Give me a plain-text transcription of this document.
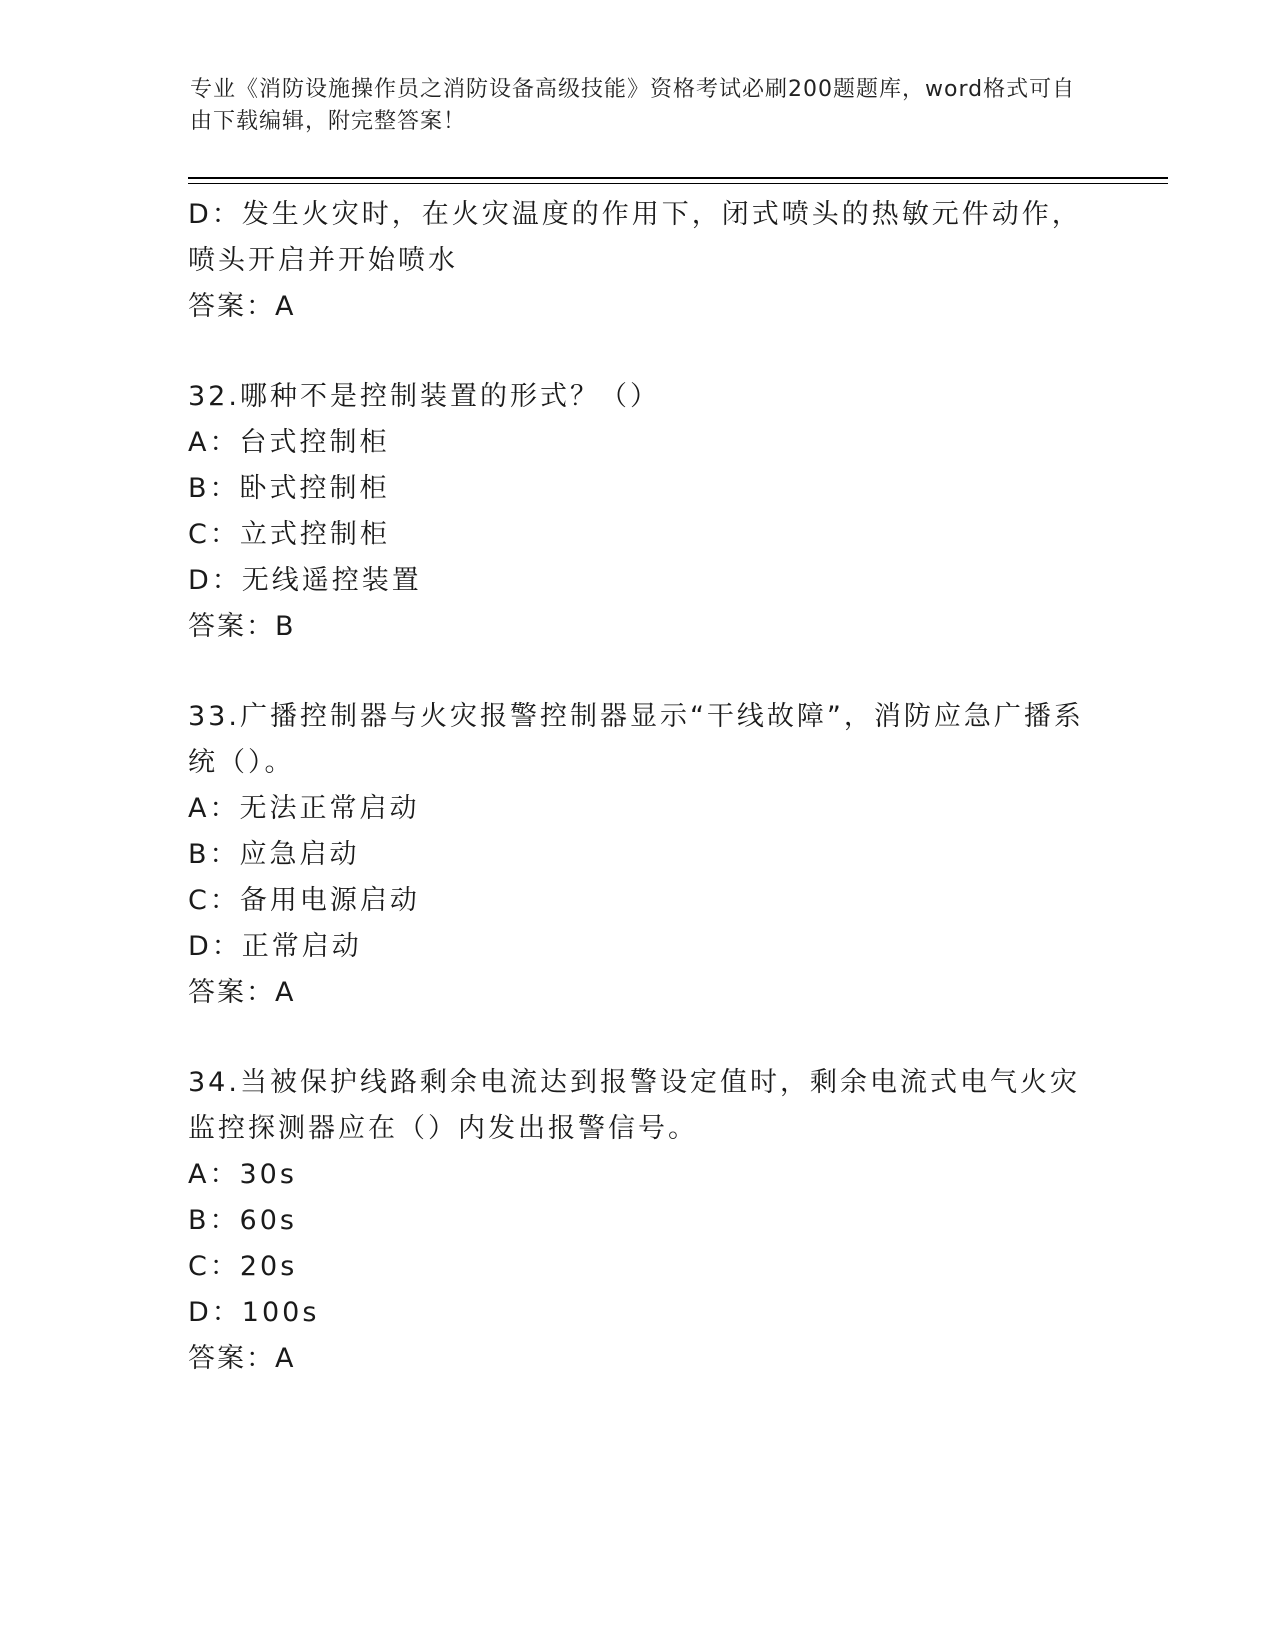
专业《消防设施操作员之消防设备高级技能》资格考试必刷200题题库，word格式可自由下载编辑，附完整答案！

D：发生火灾时，在火灾温度的作用下，闭式喷头的热敏元件动作，喷头开启并开始喷水

答案：A

32.哪种不是控制装置的形式？（）

A：台式控制柜

B：卧式控制柜

C：立式控制柜

D：无线遥控装置

答案：B

33.广播控制器与火灾报警控制器显示“干线故障”，消防应急广播系统（）。

A：无法正常启动

B：应急启动

C：备用电源启动

D：正常启动

答案：A

34.当被保护线路剩余电流达到报警设定值时，剩余电流式电气火灾监控探测器应在（）内发出报警信号。

A：30s

B：60s

C：20s

D：100s

答案：A
